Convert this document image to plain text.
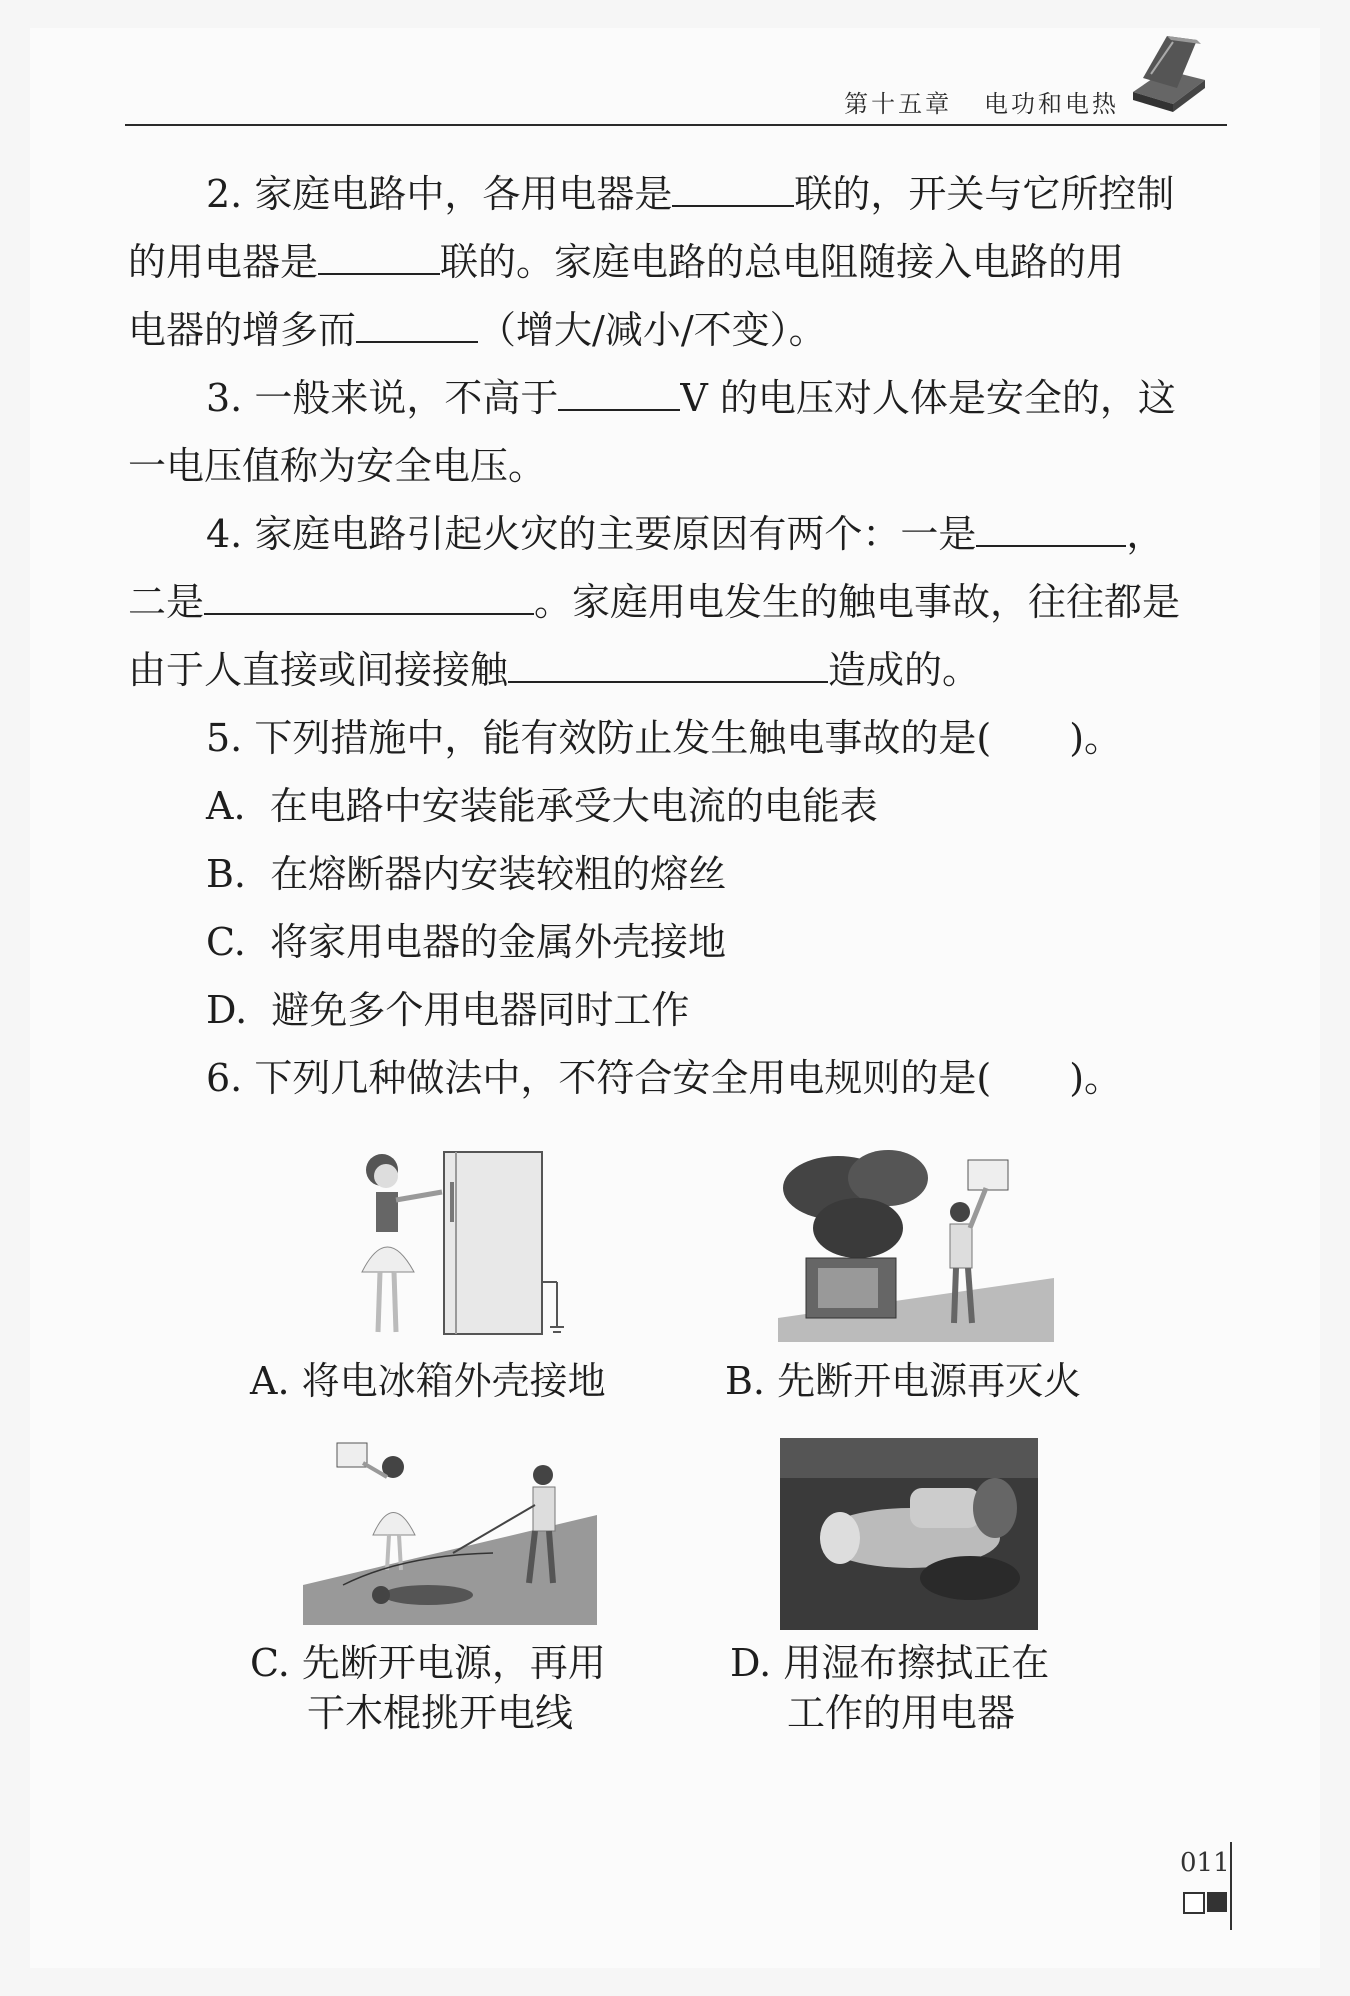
第十五章 电功和电热

2. 家庭电路中，各用电器是	联的，开关与它所控制

的用电器是	联的。家庭电路的总电阻随接入电路的用

电器的增多而	（增大/减小/不变）。

3. 一般来说，不高于	V 的电压对人体是安全的，这

一电压值称为安全电压。

4. 家庭电路引起火灾的主要原因有两个：一是	，

二是	。家庭用电发生的触电事故，往往都是

由于人直接或间接接触	造成的。

5. 下列措施中，能有效防止发生触电事故的是( )。

A. 在电路中安装能承受大电流的电能表

B. 在熔断器内安装较粗的熔丝

C. 将家用电器的金属外壳接地

D. 避免多个用电器同时工作

6. 下列几种做法中，不符合安全用电规则的是( )。

A. 将电冰箱外壳接地	B. 先断开电源再灭火
C. 先断开电源，再用
干木棍挑开电线
D. 用湿布擦拭正在
工作的用电器
011
